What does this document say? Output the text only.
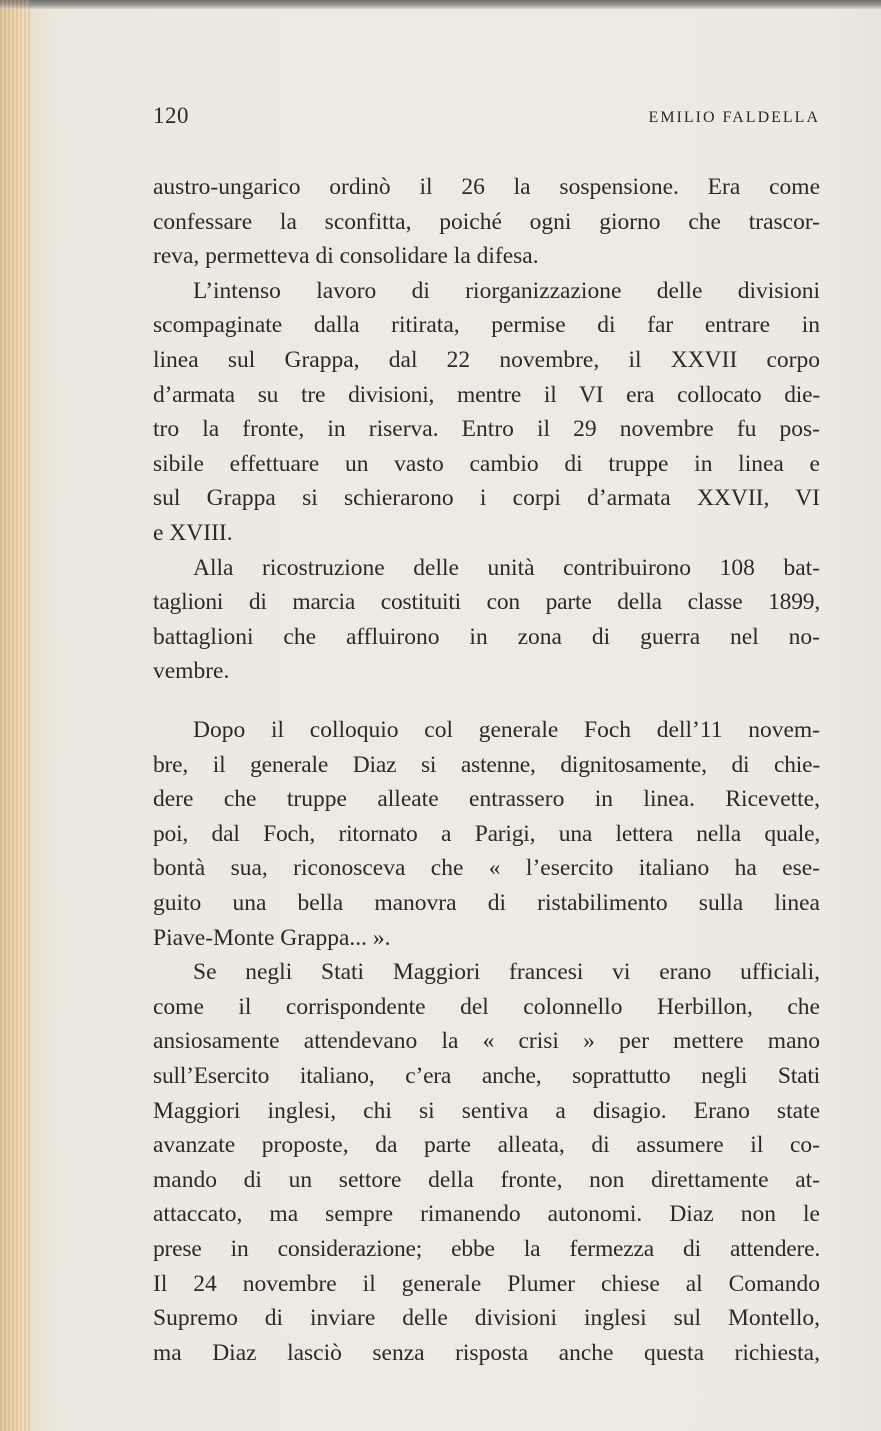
120	EMILIO FALDELLA
austro-ungarico ordinò il 26 la sospensione. Era come
confessare la sconfitta, poiché ogni giorno che trascor-
reva, permetteva di consolidare la difesa.
L’intenso lavoro di riorganizzazione delle divisioni
scompaginate dalla ritirata, permise di far entrare in
linea sul Grappa, dal 22 novembre, il XXVII corpo
d’armata su tre divisioni, mentre il VI era collocato die-
tro la fronte, in riserva. Entro il 29 novembre fu pos-
sibile effettuare un vasto cambio di truppe in linea e
sul Grappa si schierarono i corpi d’armata XXVII, VI
e XVIII.
Alla ricostruzione delle unità contribuirono 108 bat-
taglioni di marcia costituiti con parte della classe 1899,
battaglioni che affluirono in zona di guerra nel no-
vembre.
Dopo il colloquio col generale Foch dell’11 novem-
bre, il generale Diaz si astenne, dignitosamente, di chie-
dere che truppe alleate entrassero in linea. Ricevette,
poi, dal Foch, ritornato a Parigi, una lettera nella quale,
bontà sua, riconosceva che « l’esercito italiano ha ese-
guito una bella manovra di ristabilimento sulla linea
Piave-Monte Grappa... ».
Se negli Stati Maggiori francesi vi erano ufficiali,
come il corrispondente del colonnello Herbillon, che
ansiosamente attendevano la « crisi » per mettere mano
sull’Esercito italiano, c’era anche, soprattutto negli Stati
Maggiori inglesi, chi si sentiva a disagio. Erano state
avanzate proposte, da parte alleata, di assumere il co-
mando di un settore della fronte, non direttamente at-
attaccato, ma sempre rimanendo autonomi. Diaz non le
prese in considerazione; ebbe la fermezza di attendere.
Il 24 novembre il generale Plumer chiese al Comando
Supremo di inviare delle divisioni inglesi sul Montello,
ma Diaz lasciò senza risposta anche questa richiesta,
